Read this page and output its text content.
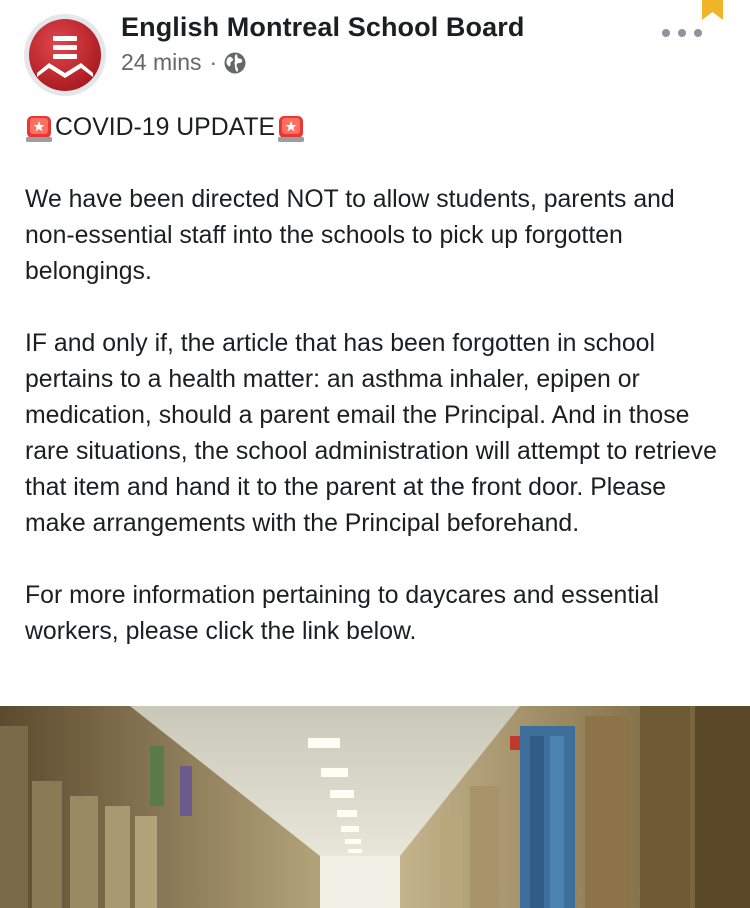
English Montreal School Board
24 mins ·

COVID-19 UPDATE

We have been directed NOT to allow students, parents and non-essential staff into the schools to pick up forgotten belongings.

IF and only if, the article that has been forgotten in school pertains to a health matter: an asthma inhaler, epipen or medication, should a parent email the Principal. And in those rare situations, the school administration will attempt to retrieve that item and hand it to the parent at the front door. Please make arrangements with the Principal beforehand.

For more information pertaining to daycares and essential workers, please click the link below.
